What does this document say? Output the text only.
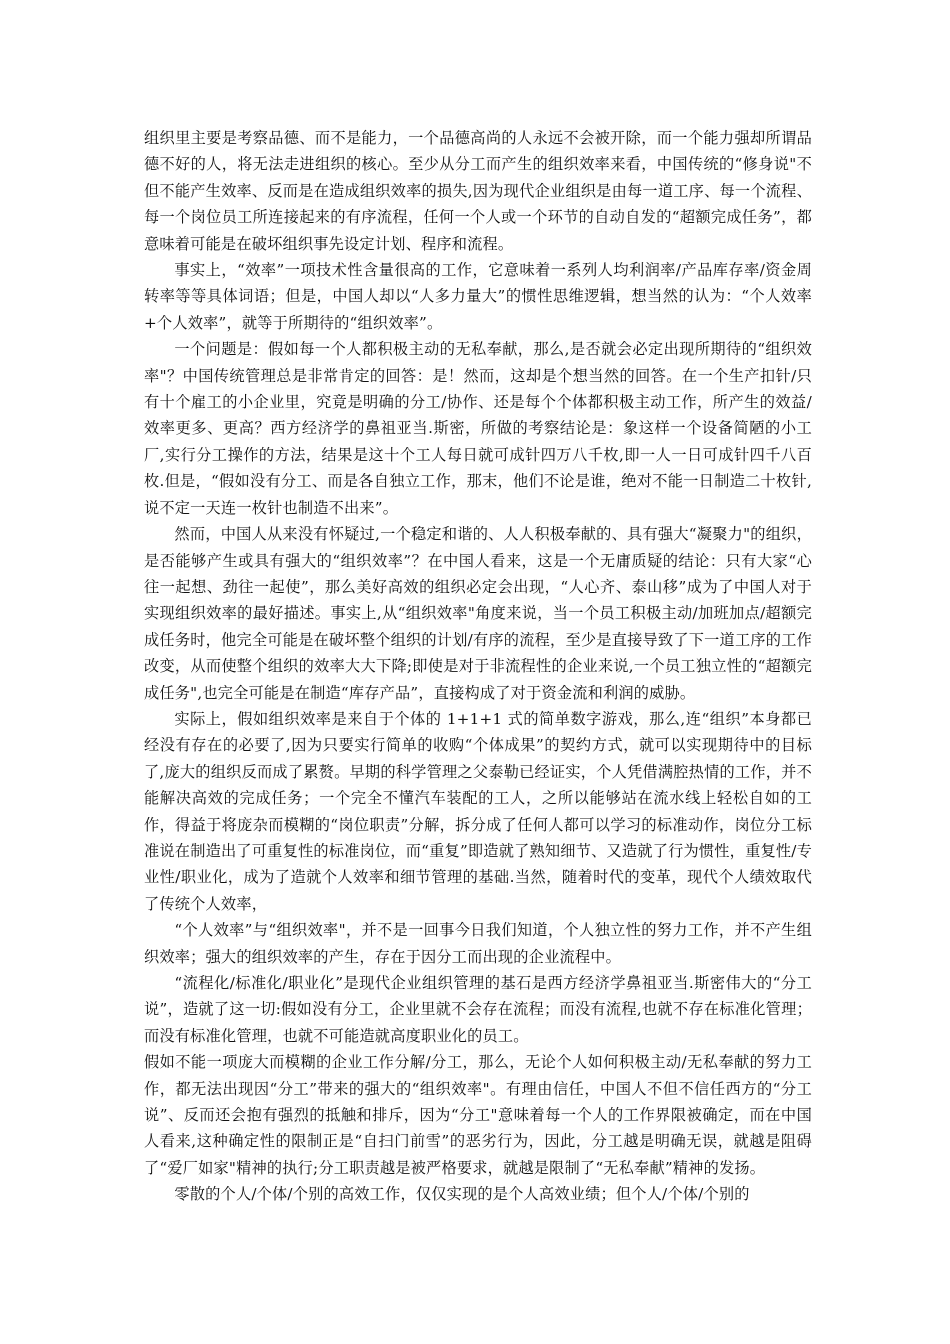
组织里主要是考察品德、而不是能力，一个品德高尚的人永远不会被开除，而一个能力强却所谓品德不好的人，将无法走进组织的核心。至少从分工而产生的组织效率来看，中国传统的“修身说"不但不能产生效率、反而是在造成组织效率的损失,因为现代企业组织是由每一道工序、每一个流程、每一个岗位员工所连接起来的有序流程，任何一个人或一个环节的自动自发的“超额完成任务”，都意味着可能是在破坏组织事先设定计划、程序和流程。

事实上，“效率”一项技术性含量很高的工作，它意味着一系列人均利润率/产品库存率/资金周转率等等具体词语；但是，中国人却以“人多力量大”的惯性思维逻辑，想当然的认为：“个人效率+个人效率”，就等于所期待的“组织效率”。

一个问题是：假如每一个人都积极主动的无私奉献，那么,是否就会必定出现所期待的“组织效率"？中国传统管理总是非常肯定的回答：是！然而，这却是个想当然的回答。在一个生产扣针/只有十个雇工的小企业里，究竟是明确的分工/协作、还是每个个体都积极主动工作，所产生的效益/效率更多、更高？西方经济学的鼻祖亚当.斯密，所做的考察结论是：象这样一个设备简陋的小工厂,实行分工操作的方法，结果是这十个工人每日就可成针四万八千枚,即一人一日可成针四千八百枚.但是，“假如没有分工、而是各自独立工作，那末，他们不论是谁，绝对不能一日制造二十枚针,说不定一天连一枚针也制造不出来”。

然而，中国人从来没有怀疑过,一个稳定和谐的、人人积极奉献的、具有强大“凝聚力"的组织，是否能够产生或具有强大的“组织效率”？在中国人看来，这是一个无庸质疑的结论：只有大家“心往一起想、劲往一起使”，那么美好高效的组织必定会出现，“人心齐、泰山移”成为了中国人对于实现组织效率的最好描述。事实上,从“组织效率"角度来说，当一个员工积极主动/加班加点/超额完成任务时，他完全可能是在破坏整个组织的计划/有序的流程，至少是直接导致了下一道工序的工作改变，从而使整个组织的效率大大下降;即使是对于非流程性的企业来说,一个员工独立性的“超额完成任务",也完全可能是在制造“库存产品”，直接构成了对于资金流和利润的威胁。

实际上，假如组织效率是来自于个体的 1+1+1 式的简单数字游戏，那么,连“组织”本身都已经没有存在的必要了,因为只要实行简单的收购“个体成果”的契约方式，就可以实现期待中的目标了,庞大的组织反而成了累赘。早期的科学管理之父泰勒已经证实，个人凭借满腔热情的工作，并不能解决高效的完成任务；一个完全不懂汽车装配的工人，之所以能够站在流水线上轻松自如的工作，得益于将庞杂而模糊的“岗位职责”分解，拆分成了任何人都可以学习的标准动作，岗位分工标准说在制造出了可重复性的标准岗位，而“重复”即造就了熟知细节、又造就了行为惯性，重复性/专业性/职业化，成为了造就个人效率和细节管理的基础.当然，随着时代的变革，现代个人绩效取代了传统个人效率，

“个人效率”与“组织效率"，并不是一回事今日我们知道，个人独立性的努力工作，并不产生组织效率；强大的组织效率的产生，存在于因分工而出现的企业流程中。

“流程化/标准化/职业化”是现代企业组织管理的基石是西方经济学鼻祖亚当.斯密伟大的“分工说”，造就了这一切:假如没有分工，企业里就不会存在流程；而没有流程,也就不存在标准化管理；而没有标准化管理，也就不可能造就高度职业化的员工。

假如不能一项庞大而模糊的企业工作分解/分工，那么，无论个人如何积极主动/无私奉献的努力工作，都无法出现因“分工”带来的强大的“组织效率"。有理由信任，中国人不但不信任西方的“分工说”、反而还会抱有强烈的抵触和排斥，因为“分工"意味着每一个人的工作界限被确定，而在中国人看来,这种确定性的限制正是“自扫门前雪”的恶劣行为，因此，分工越是明确无误，就越是阻碍了“爱厂如家"精神的执行;分工职责越是被严格要求，就越是限制了“无私奉献”精神的发扬。

零散的个人/个体/个别的高效工作，仅仅实现的是个人高效业绩；但个人/个体/个别的
